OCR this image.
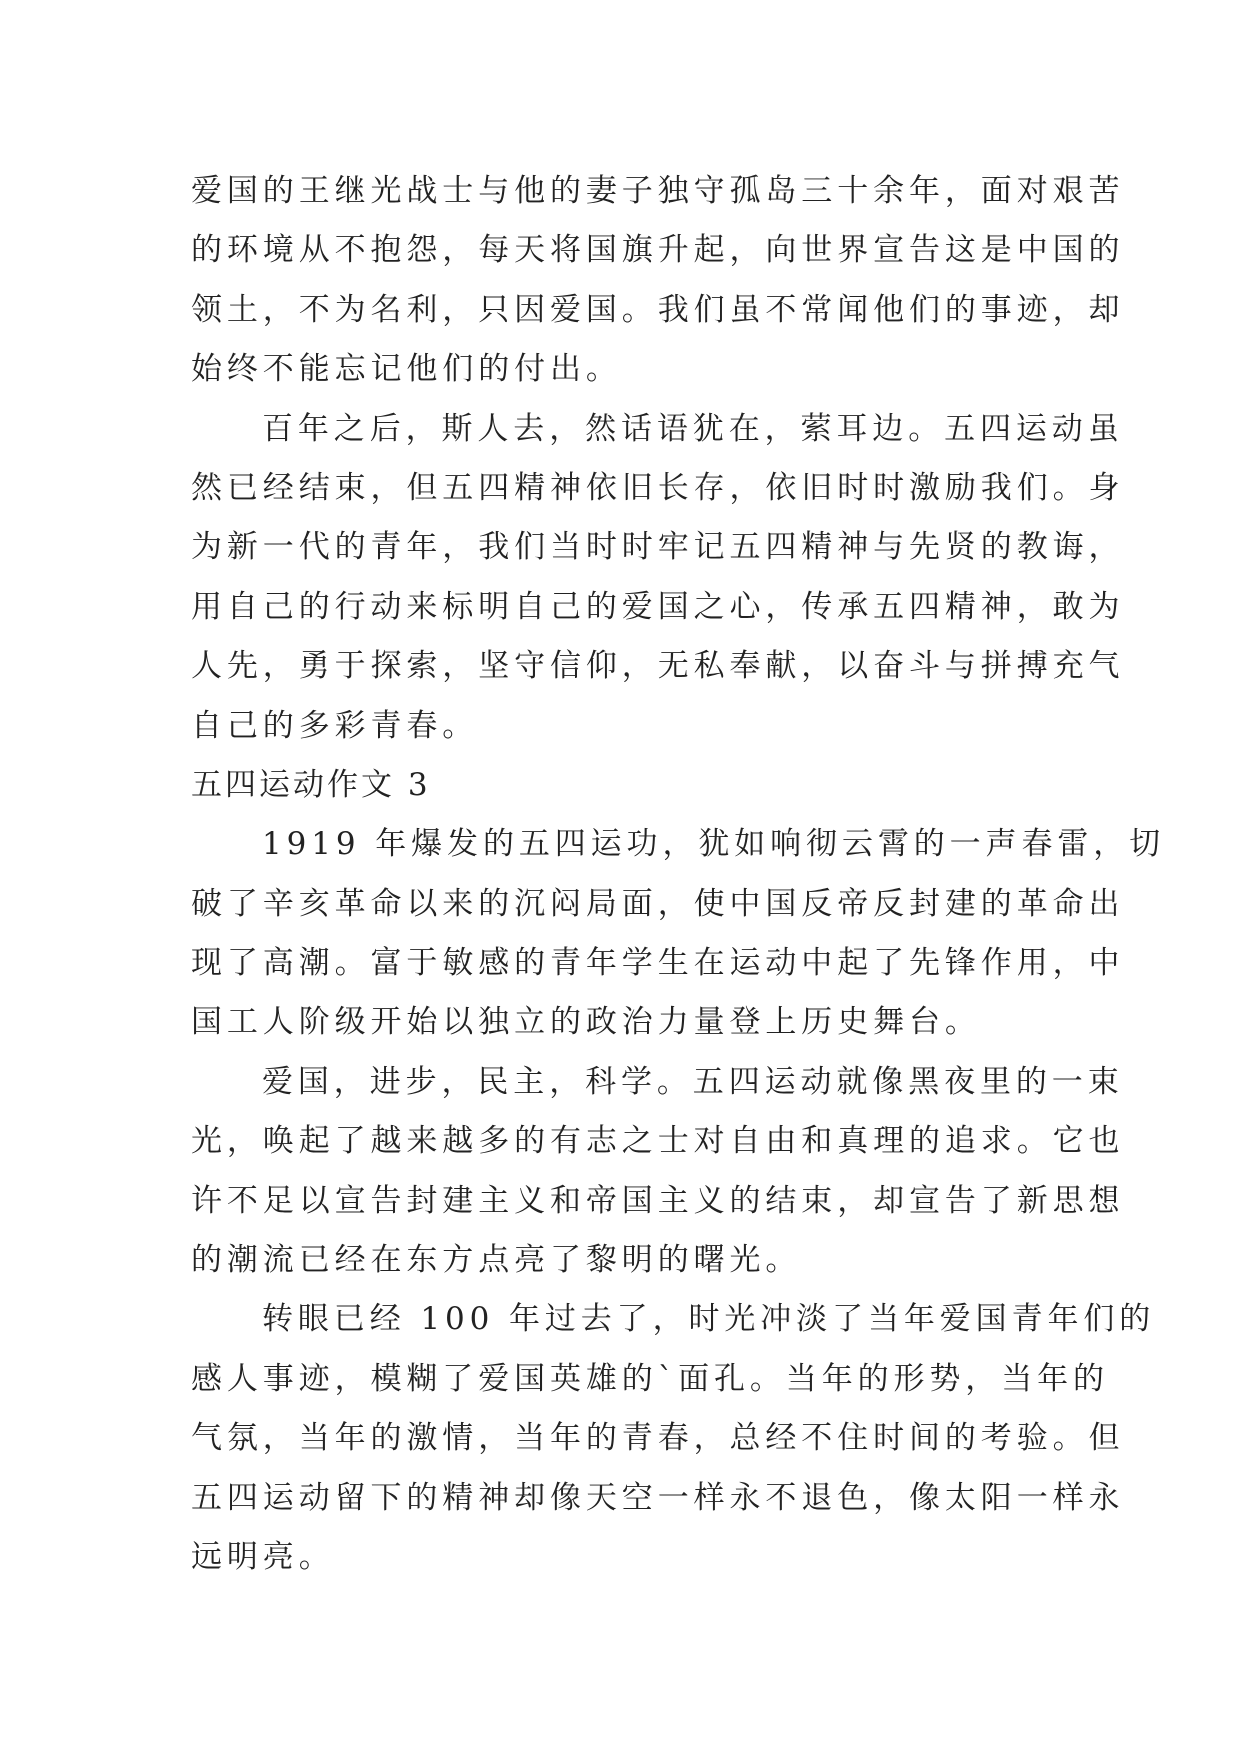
爱国的王继光战士与他的妻子独守孤岛三十余年，面对艰苦
的环境从不抱怨，每天将国旗升起，向世界宣告这是中国的
领土，不为名利，只因爱国。我们虽不常闻他们的事迹，却
始终不能忘记他们的付出。
百年之后，斯人去，然话语犹在，萦耳边。五四运动虽
然已经结束，但五四精神依旧长存，依旧时时激励我们。身
为新一代的青年，我们当时时牢记五四精神与先贤的教诲，
用自己的行动来标明自己的爱国之心，传承五四精神，敢为
人先，勇于探索，坚守信仰，无私奉献，以奋斗与拼搏充气
自己的多彩青春。
五四运动作文 3
1919 年爆发的五四运功，犹如响彻云霄的一声春雷，切
破了辛亥革命以来的沉闷局面，使中国反帝反封建的革命出
现了高潮。富于敏感的青年学生在运动中起了先锋作用，中
国工人阶级开始以独立的政治力量登上历史舞台。
爱国，进步，民主，科学。五四运动就像黑夜里的一束
光，唤起了越来越多的有志之士对自由和真理的追求。它也
许不足以宣告封建主义和帝国主义的结束，却宣告了新思想
的潮流已经在东方点亮了黎明的曙光。
转眼已经 100 年过去了，时光冲淡了当年爱国青年们的
感人事迹，模糊了爱国英雄的`面孔。当年的形势，当年的
气氛，当年的激情，当年的青春，总经不住时间的考验。但
五四运动留下的精神却像天空一样永不退色，像太阳一样永
远明亮。
